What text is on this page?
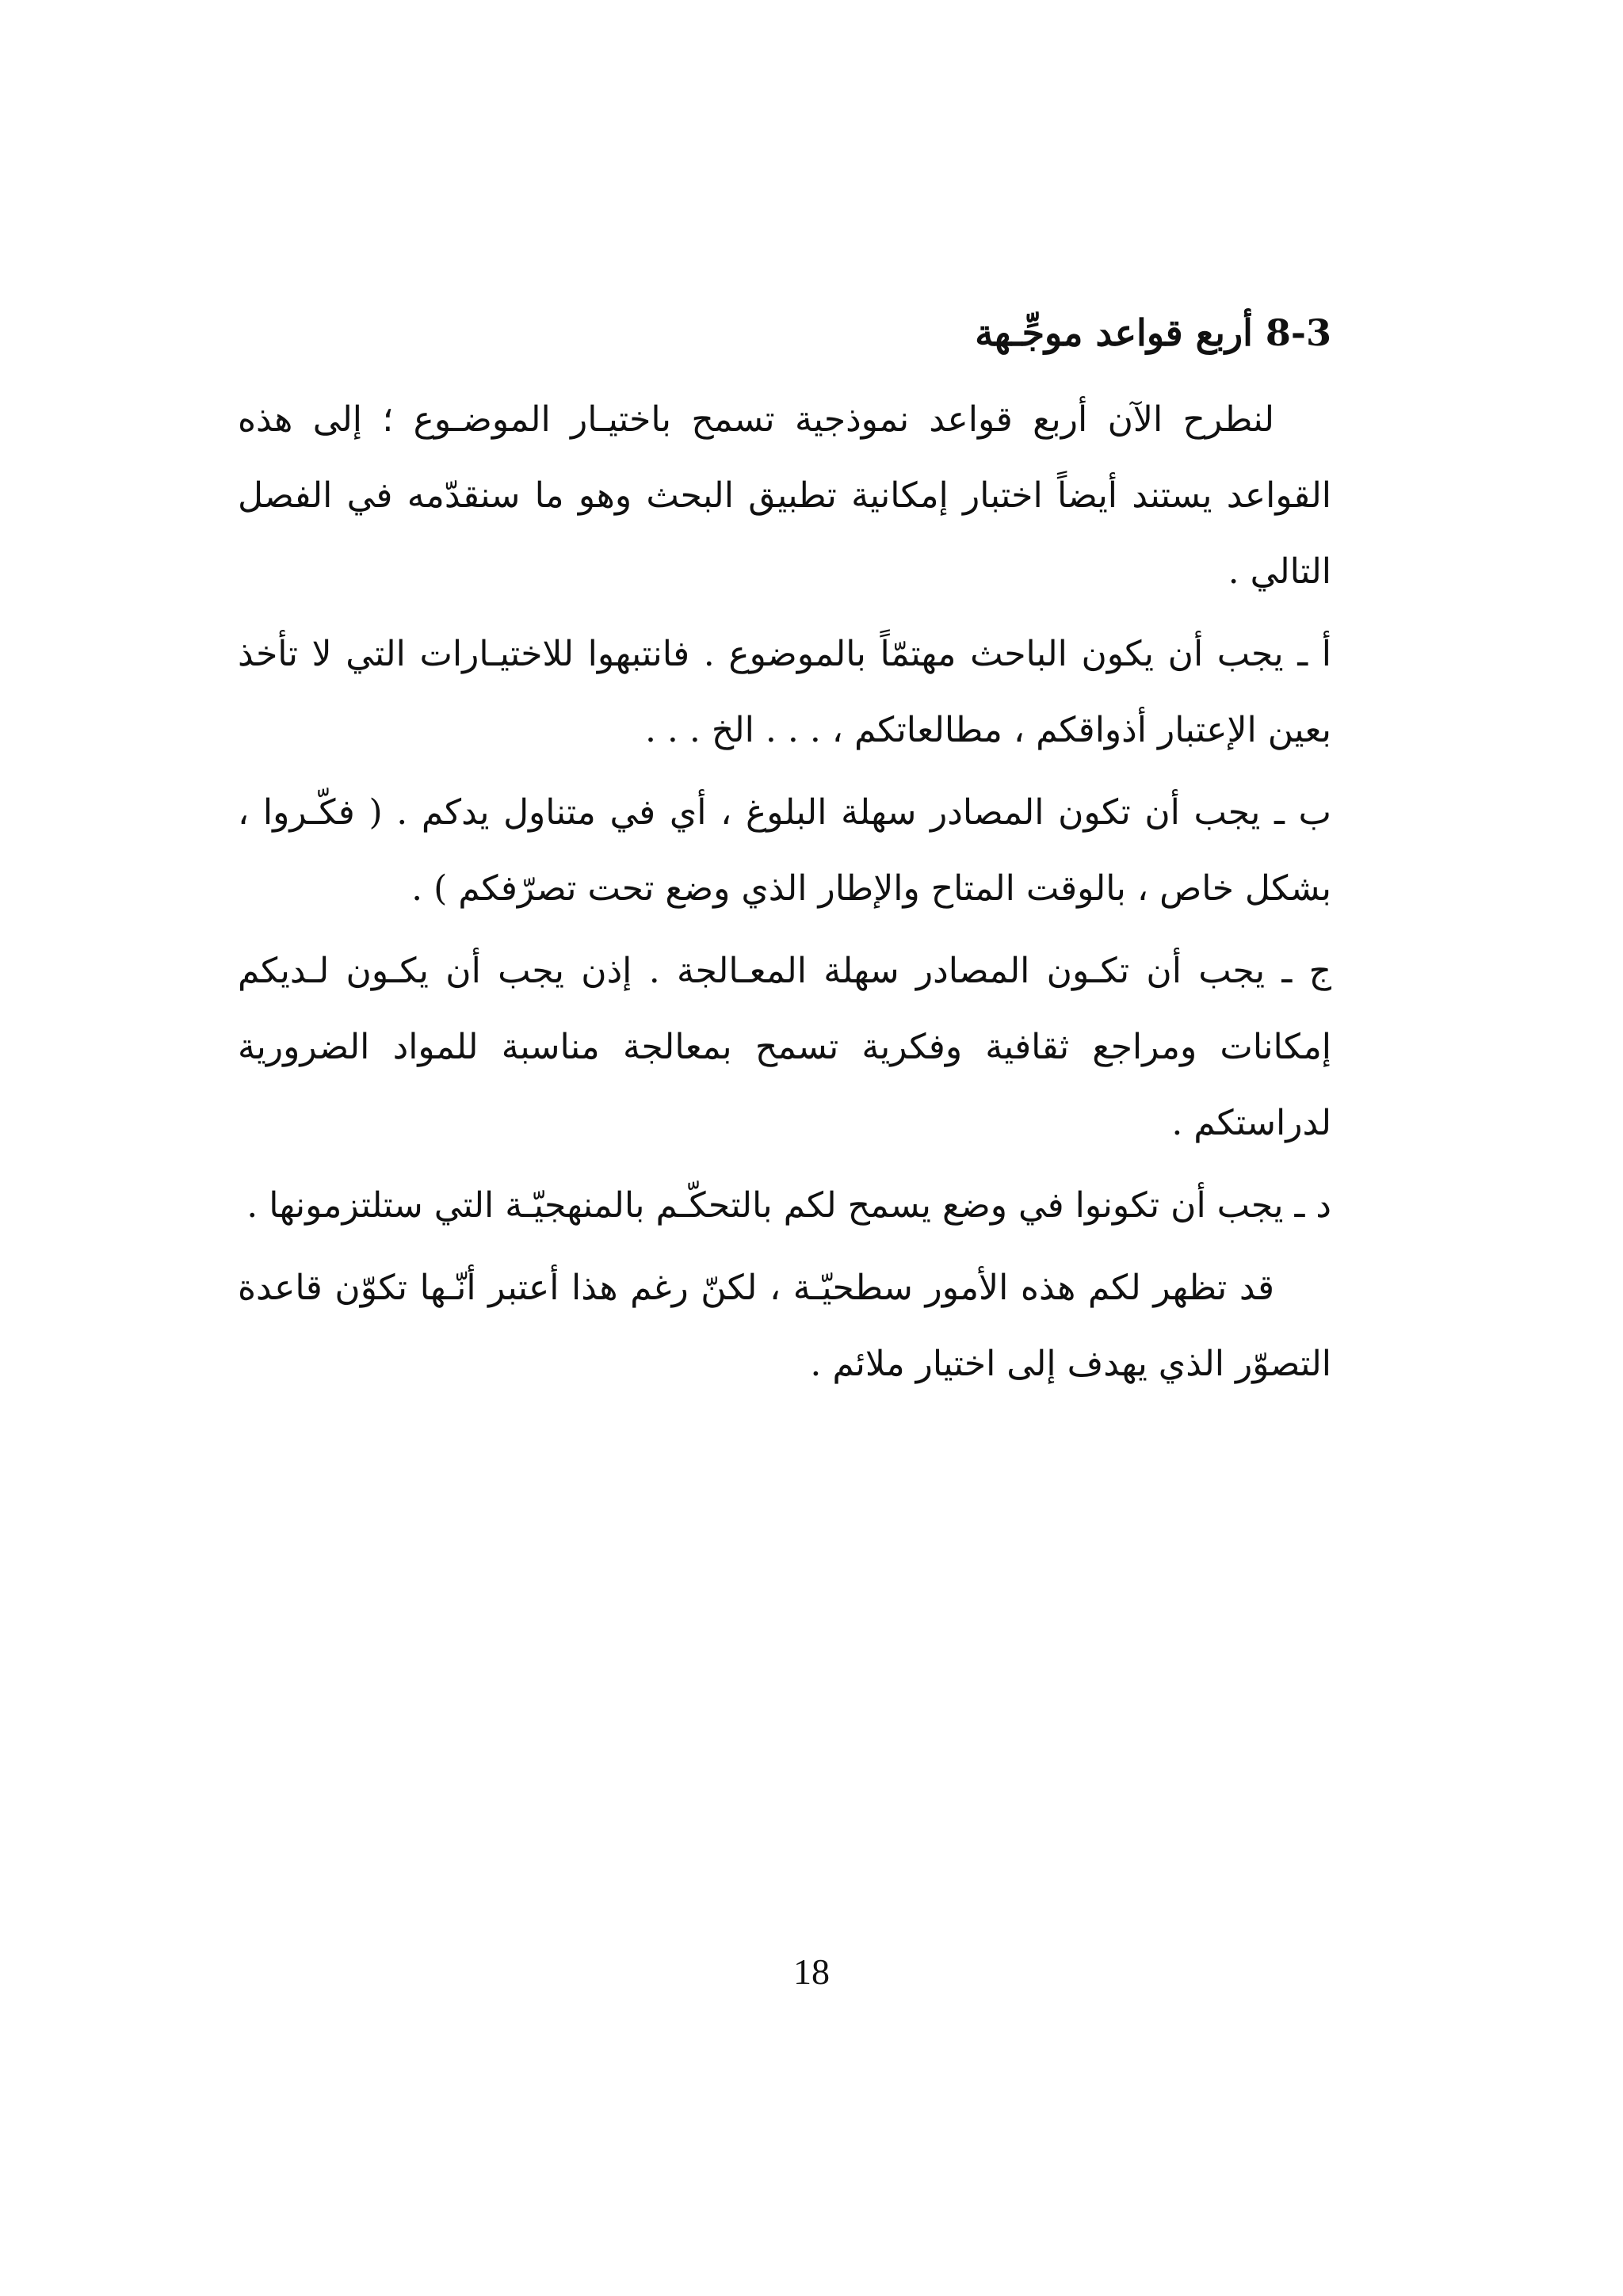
8-3 أربع قواعد موجِّـهة

لنطرح الآن أربع قواعد نموذجية تسمح باختيـار الموضـوع ؛ إلى هذه القواعد يستند أيضاً اختبار إمكانية تطبيق البحث وهو ما سنقدّمه في الفصل التالي .

أ ـ يجب أن يكون الباحث مهتمّاً بالموضوع . فانتبهوا للاختيـارات التي لا تأخذ بعين الإعتبار أذواقكم ، مطالعاتكم ، . . . الخ . . .

ب ـ يجب أن تكون المصادر سهلة البلوغ ، أي في متناول يدكم . ( فكّـروا ، بشكل خاص ، بالوقت المتاح والإطار الذي وضع تحت تصرّفكم ) .

ج ـ يجب أن تكـون المصادر سهلة المعـالجة . إذن يجب أن يكـون لـديكم إمكانات ومراجع ثقافية وفكرية تسمح بمعالجة مناسبة للمواد الضرورية لدراستكم .

د ـ يجب أن تكونوا في وضع يسمح لكم بالتحكّـم بالمنهجيّـة التي ستلتزمونها .

قد تظهر لكم هذه الأمور سطحيّـة ، لكنّ رغم هذا أعتبر أنّـها تكوّن قاعدة التصوّر الذي يهدف إلى اختيار ملائم .

18
